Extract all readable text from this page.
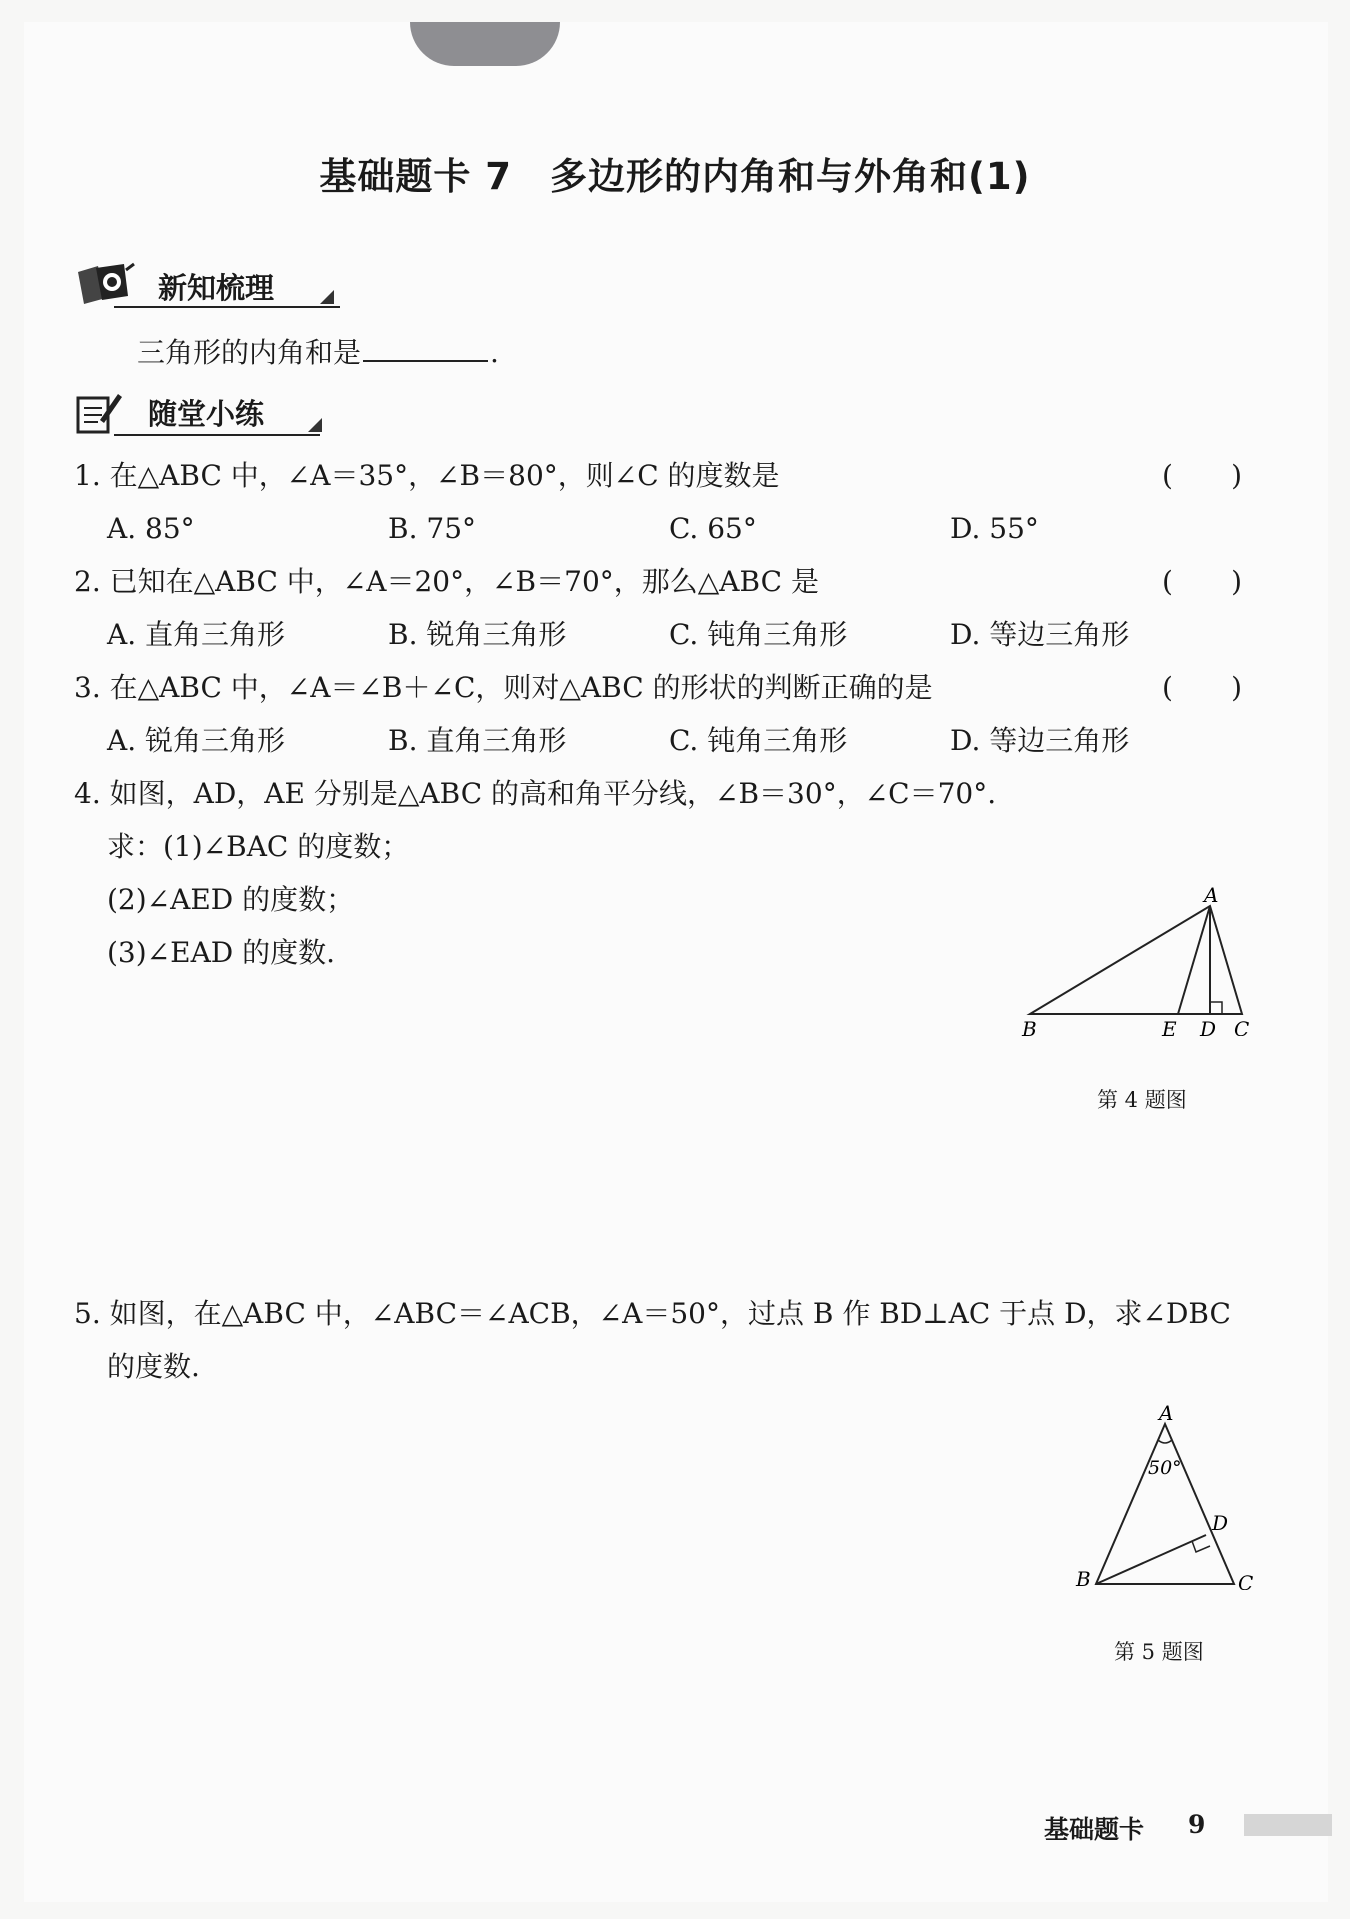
基础题卡 7　多边形的内角和与外角和(1)
新知梳理
三角形的内角和是	.
随堂小练
1. 在△ABC 中，∠A＝35°，∠B＝80°，则∠C 的度数是	( )
A. 85°	B. 75°	C. 65°	D. 55°
2. 已知在△ABC 中，∠A＝20°，∠B＝70°，那么△ABC 是	( )
A. 直角三角形	B. 锐角三角形	C. 钝角三角形	D. 等边三角形
3. 在△ABC 中，∠A＝∠B＋∠C，则对△ABC 的形状的判断正确的是	( )
A. 锐角三角形	B. 直角三角形	C. 钝角三角形	D. 等边三角形
4. 如图，AD，AE 分别是△ABC 的高和角平分线，∠B＝30°，∠C＝70°.
求：(1)∠BAC 的度数；
(2)∠AED 的度数；
(3)∠EAD 的度数.
A
B	E D C
第 4 题图
5. 如图，在△ABC 中，∠ABC＝∠ACB，∠A＝50°，过点 B 作 BD⊥AC 于点 D，求∠DBC
的度数.
A
50°
D
B	C
第 5 题图
基础题卡 9
